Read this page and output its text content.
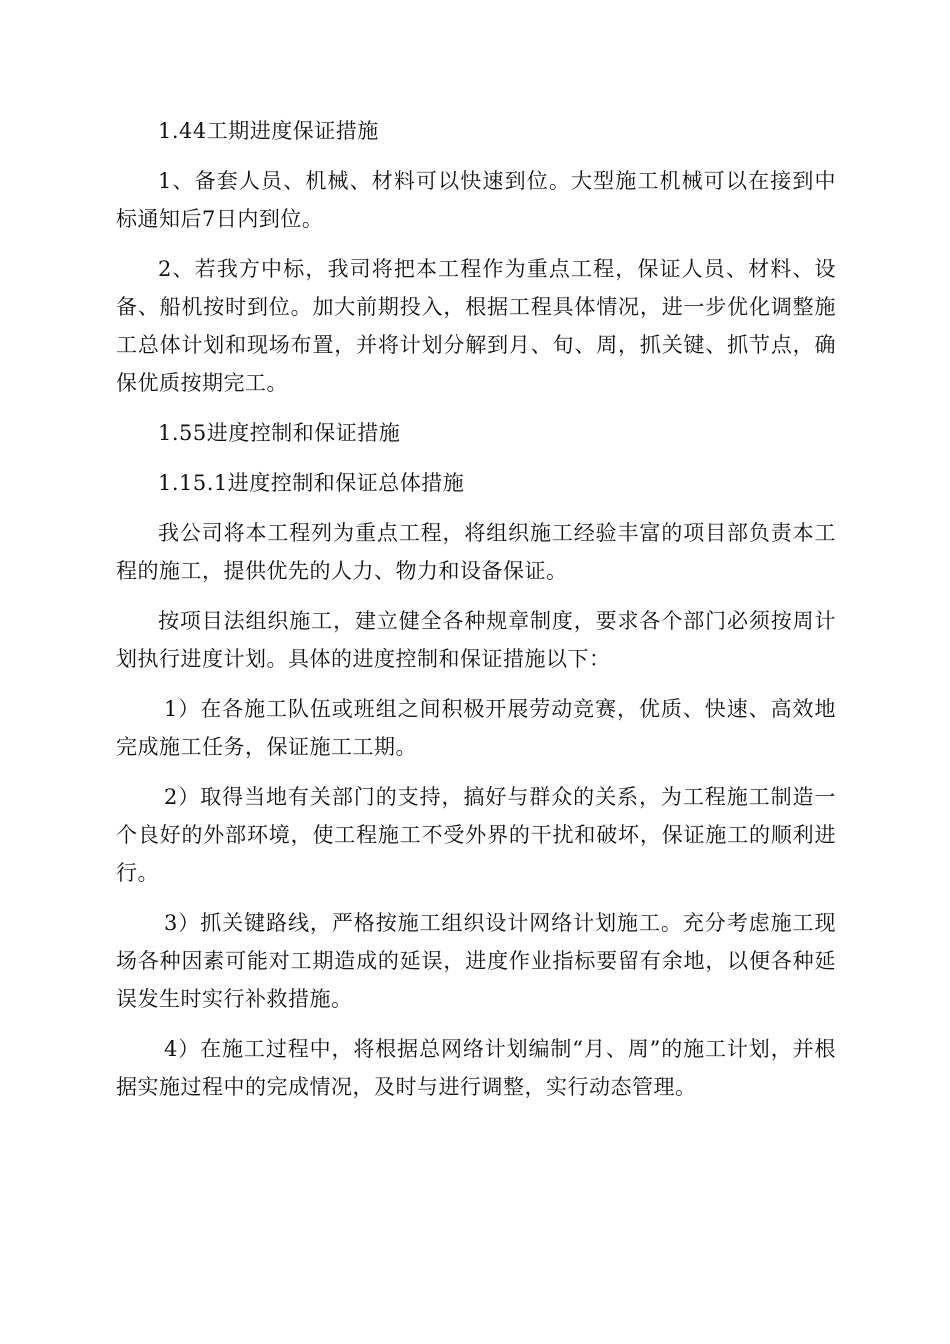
1.44工期进度保证措施
1、备套人员、机械、材料可以快速到位。大型施工机械可以在接到中标通知后7日内到位。
2、若我方中标，我司将把本工程作为重点工程，保证人员、材料、设备、船机按时到位。加大前期投入，根据工程具体情况，进一步优化调整施工总体计划和现场布置，并将计划分解到月、旬、周，抓关键、抓节点，确保优质按期完工。
1.55进度控制和保证措施
1.15.1进度控制和保证总体措施
我公司将本工程列为重点工程，将组织施工经验丰富的项目部负责本工程的施工，提供优先的人力、物力和设备保证。
按项目法组织施工，建立健全各种规章制度，要求各个部门必须按周计划执行进度计划。具体的进度控制和保证措施以下：
1）在各施工队伍或班组之间积极开展劳动竞赛，优质、快速、高效地完成施工任务，保证施工工期。
2）取得当地有关部门的支持，搞好与群众的关系，为工程施工制造一个良好的外部环境，使工程施工不受外界的干扰和破坏，保证施工的顺利进行。
3）抓关键路线，严格按施工组织设计网络计划施工。充分考虑施工现场各种因素可能对工期造成的延误，进度作业指标要留有余地，以便各种延误发生时实行补救措施。
4）在施工过程中，将根据总网络计划编制“月、周”的施工计划，并根据实施过程中的完成情况，及时与进行调整，实行动态管理。
